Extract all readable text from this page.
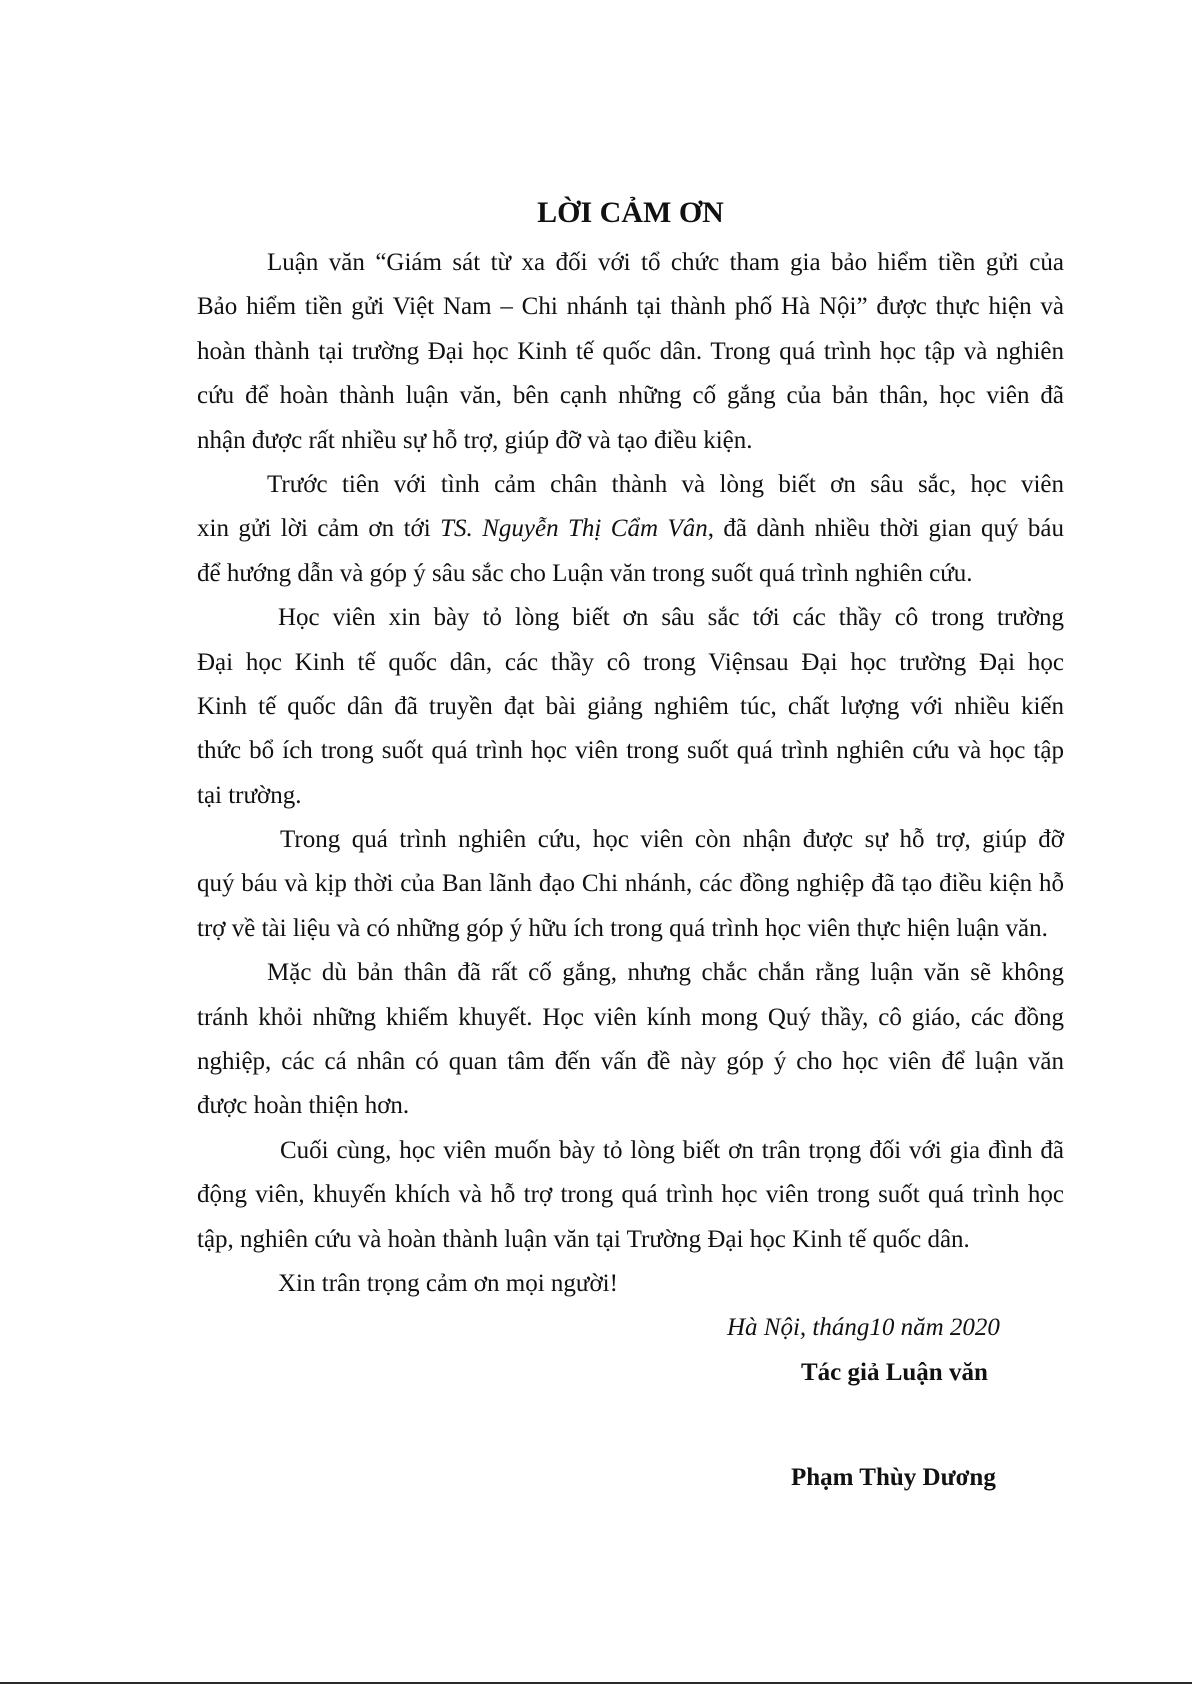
LỜI CẢM ƠN
Luận văn “Giám sát từ xa đối với tổ chức tham gia bảo hiểm tiền gửi của
Bảo hiểm tiền gửi Việt Nam – Chi nhánh tại thành phố Hà Nội” được thực hiện và
hoàn thành tại trường Đại học Kinh tế quốc dân. Trong quá trình học tập và nghiên
cứu để hoàn thành luận văn, bên cạnh những cố gắng của bản thân, học viên đã
nhận được rất nhiều sự hỗ trợ, giúp đỡ và tạo điều kiện.
Trước tiên với tình cảm chân thành và lòng biết ơn sâu sắc, học viên
xin gửi lời cảm ơn tới TS. Nguyễn Thị Cẩm Vân, đã dành nhiều thời gian quý báu
để hướng dẫn và góp ý sâu sắc cho Luận văn trong suốt quá trình nghiên cứu.
Học viên xin bày tỏ lòng biết ơn sâu sắc tới các thầy cô trong trường
Đại học Kinh tế quốc dân, các thầy cô trong Việnsau Đại học trường Đại học
Kinh tế quốc dân đã truyền đạt bài giảng nghiêm túc, chất lượng với nhiều kiến
thức bổ ích trong suốt quá trình học viên trong suốt quá trình nghiên cứu và học tập
tại trường.
Trong quá trình nghiên cứu, học viên còn nhận được sự hỗ trợ, giúp đỡ
quý báu và kịp thời của Ban lãnh đạo Chi nhánh, các đồng nghiệp đã tạo điều kiện hỗ
trợ về tài liệu và có những góp ý hữu ích trong quá trình học viên thực hiện luận văn.
Mặc dù bản thân đã rất cố gắng, nhưng chắc chắn rằng luận văn sẽ không
tránh khỏi những khiếm khuyết. Học viên kính mong Quý thầy, cô giáo, các đồng
nghiệp, các cá nhân có quan tâm đến vấn đề này góp ý cho học viên để luận văn
được hoàn thiện hơn.
Cuối cùng, học viên muốn bày tỏ lòng biết ơn trân trọng đối với gia đình đã
động viên, khuyến khích và hỗ trợ trong quá trình học viên trong suốt quá trình học
tập, nghiên cứu và hoàn thành luận văn tại Trường Đại học Kinh tế quốc dân.
Xin trân trọng cảm ơn mọi người!
Hà Nội, tháng10 năm 2020
Tác giả Luận văn
Phạm Thùy Dương
